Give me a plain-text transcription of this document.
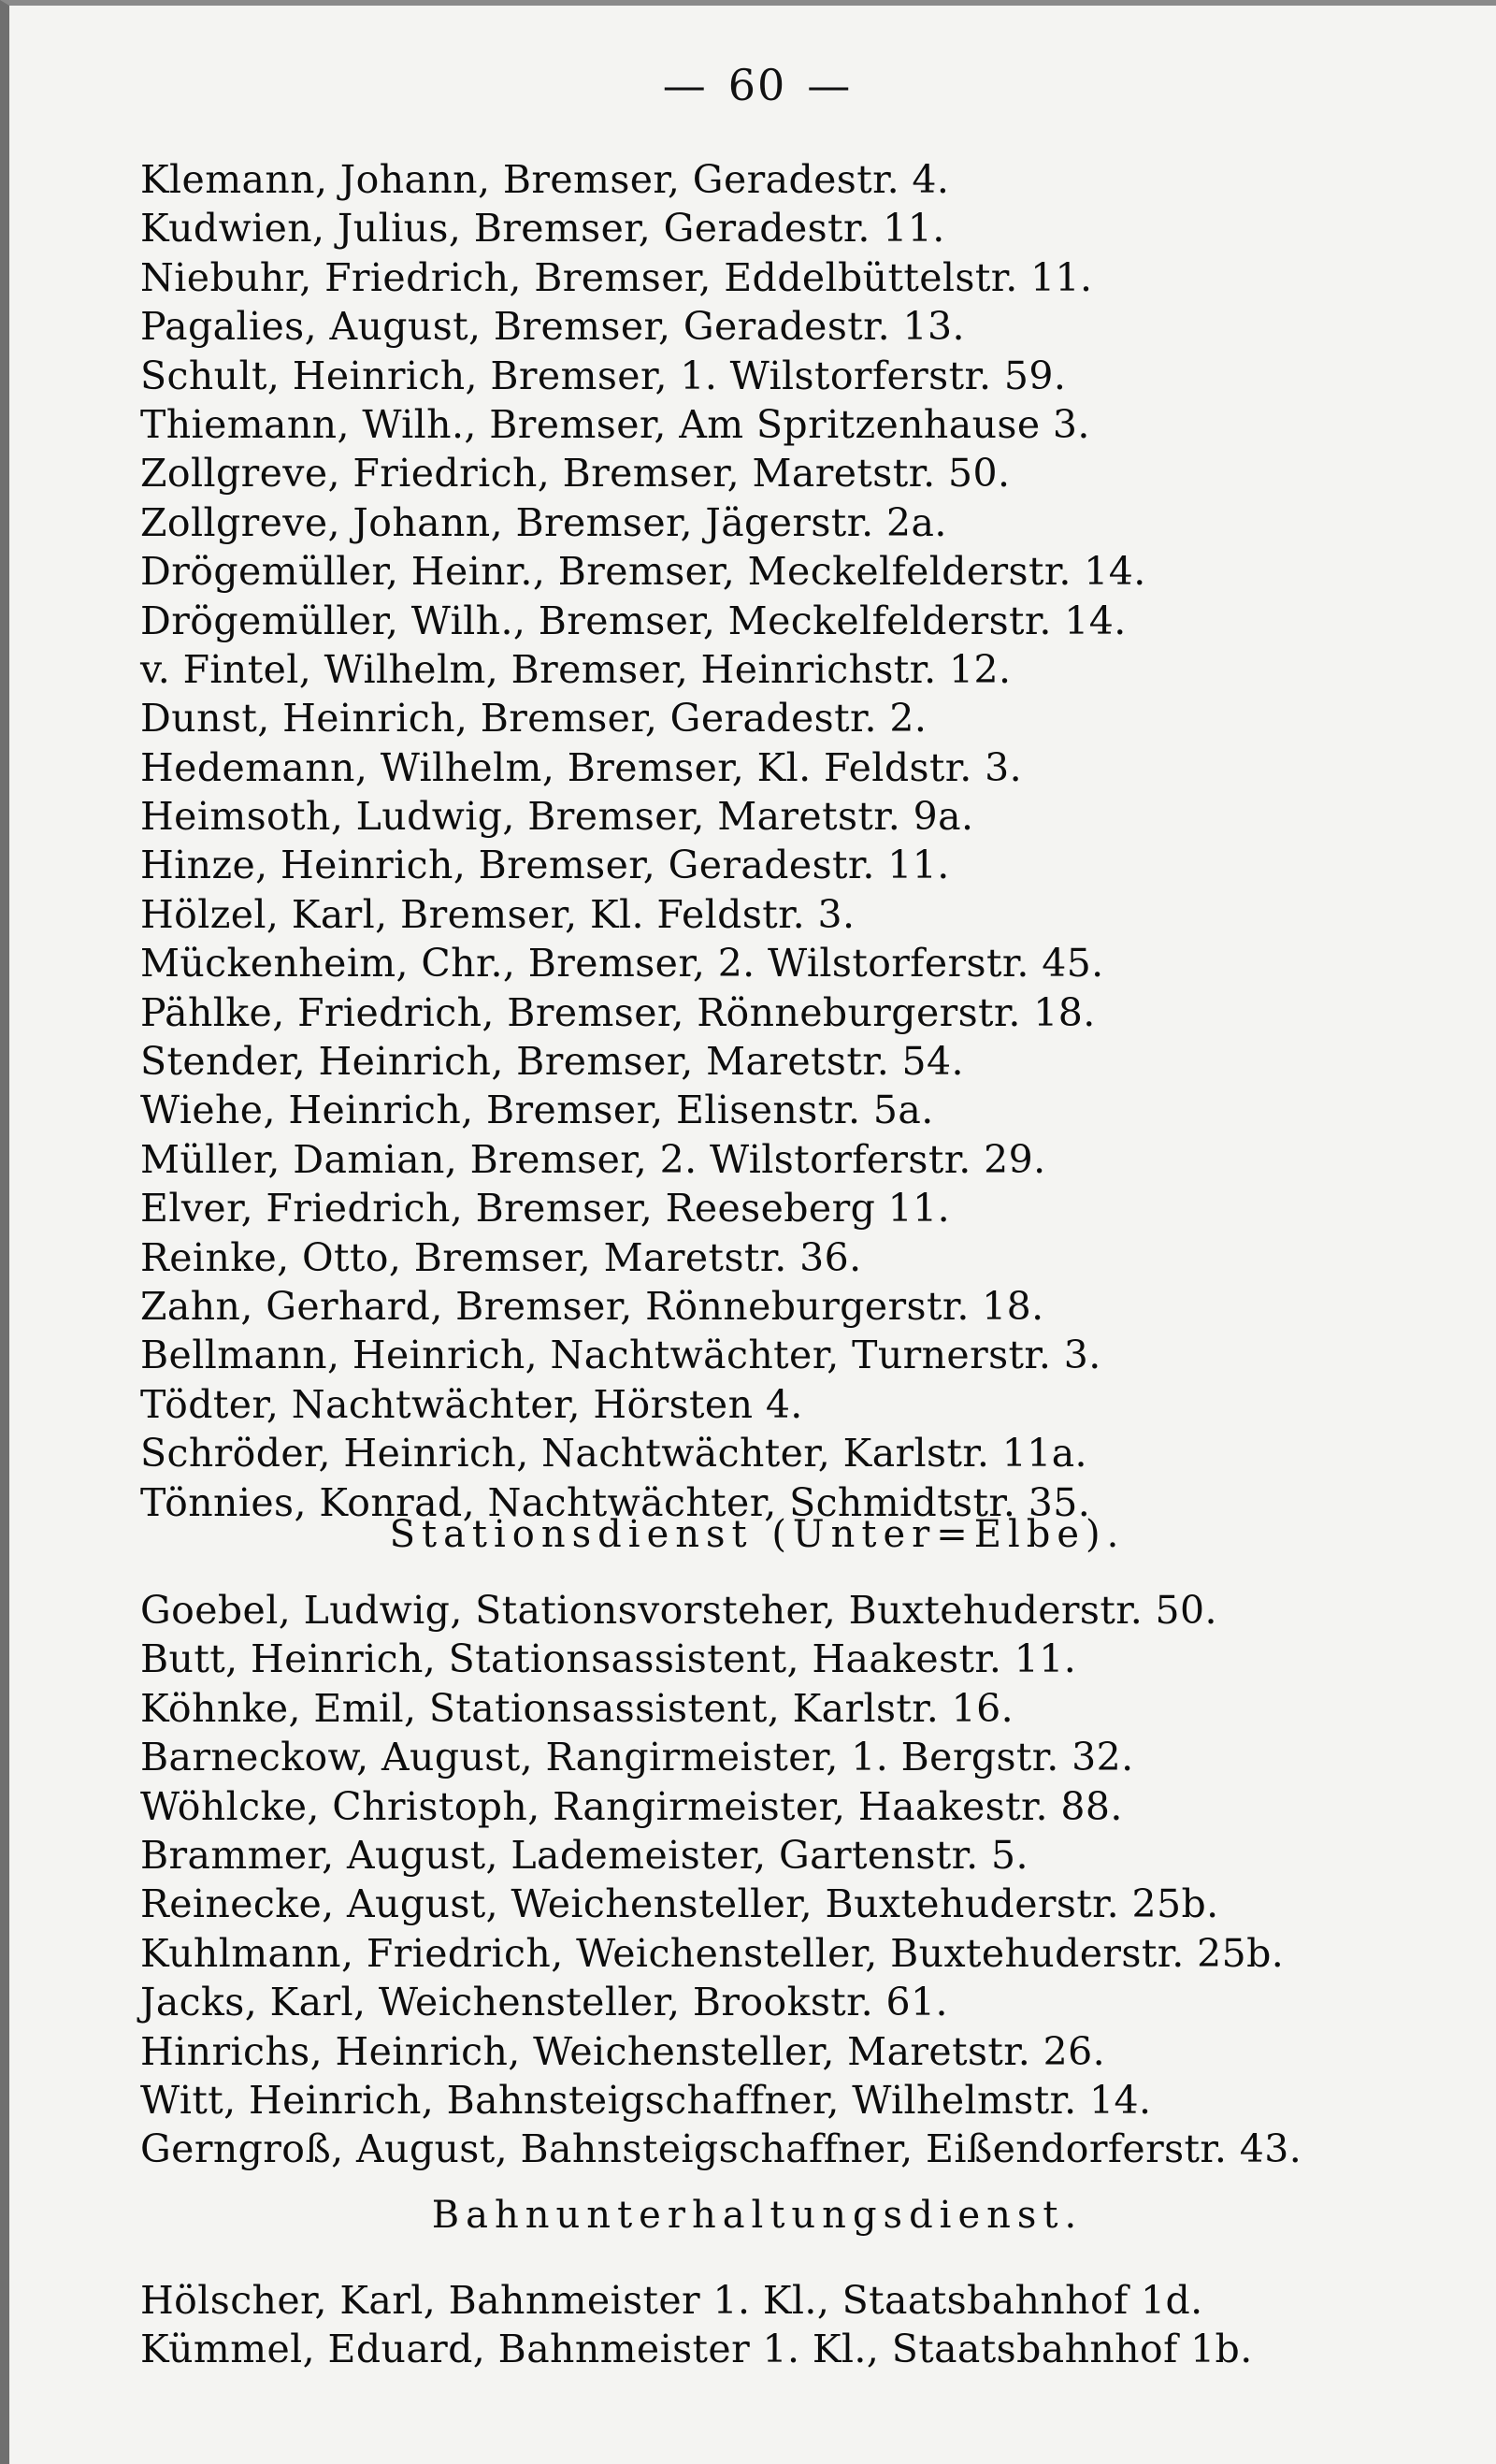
— 60 —
Klemann, Johann, Bremser, Geradestr. 4.
Kudwien, Julius, Bremser, Geradestr. 11.
Niebuhr, Friedrich, Bremser, Eddelbüttelstr. 11.
Pagalies, August, Bremser, Geradestr. 13.
Schult, Heinrich, Bremser, 1. Wilstorferstr. 59.
Thiemann, Wilh., Bremser, Am Spritzenhause 3.
Zollgreve, Friedrich, Bremser, Maretstr. 50.
Zollgreve, Johann, Bremser, Jägerstr. 2a.
Drögemüller, Heinr., Bremser, Meckelfelderstr. 14.
Drögemüller, Wilh., Bremser, Meckelfelderstr. 14.
v. Fintel, Wilhelm, Bremser, Heinrichstr. 12.
Dunst, Heinrich, Bremser, Geradestr. 2.
Hedemann, Wilhelm, Bremser, Kl. Feldstr. 3.
Heimsoth, Ludwig, Bremser, Maretstr. 9a.
Hinze, Heinrich, Bremser, Geradestr. 11.
Hölzel, Karl, Bremser, Kl. Feldstr. 3.
Mückenheim, Chr., Bremser, 2. Wilstorferstr. 45.
Pählke, Friedrich, Bremser, Rönneburgerstr. 18.
Stender, Heinrich, Bremser, Maretstr. 54.
Wiehe, Heinrich, Bremser, Elisenstr. 5a.
Müller, Damian, Bremser, 2. Wilstorferstr. 29.
Elver, Friedrich, Bremser, Reeseberg 11.
Reinke, Otto, Bremser, Maretstr. 36.
Zahn, Gerhard, Bremser, Rönneburgerstr. 18.
Bellmann, Heinrich, Nachtwächter, Turnerstr. 3.
Tödter, Nachtwächter, Hörsten 4.
Schröder, Heinrich, Nachtwächter, Karlstr. 11a.
Tönnies, Konrad, Nachtwächter, Schmidtstr. 35.
Stationsdienst (Unter=Elbe).
Goebel, Ludwig, Stationsvorsteher, Buxtehuderstr. 50.
Butt, Heinrich, Stationsassistent, Haakestr. 11.
Köhnke, Emil, Stationsassistent, Karlstr. 16.
Barneckow, August, Rangirmeister, 1. Bergstr. 32.
Wöhlcke, Christoph, Rangirmeister, Haakestr. 88.
Brammer, August, Lademeister, Gartenstr. 5.
Reinecke, August, Weichensteller, Buxtehuderstr. 25b.
Kuhlmann, Friedrich, Weichensteller, Buxtehuderstr. 25b.
Jacks, Karl, Weichensteller, Brookstr. 61.
Hinrichs, Heinrich, Weichensteller, Maretstr. 26.
Witt, Heinrich, Bahnsteigschaffner, Wilhelmstr. 14.
Gerngroß, August, Bahnsteigschaffner, Eißendorferstr. 43.
Bahnunterhaltungsdienst.
Hölscher, Karl, Bahnmeister 1. Kl., Staatsbahnhof 1d.
Kümmel, Eduard, Bahnmeister 1. Kl., Staatsbahnhof 1b.
